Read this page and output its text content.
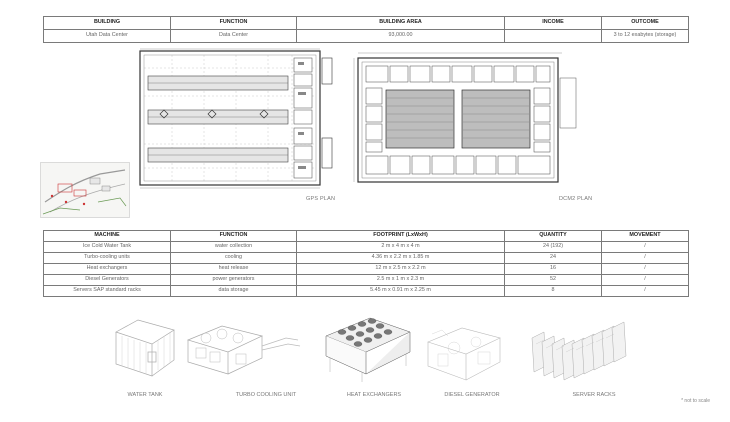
BUILDING	FUNCTION	BUILDING AREA	INCOME	OUTCOME
Utah Data Center	Data Center	93,000.00		3 to 12 exabytes (storage)
GPS PLAN	DCM2 PLAN
MACHINE	FUNCTION	FOOTPRINT (LxWxH)	QUANTITY	MOVEMENT
Ice Cold Water Tank	water collection	2 m x 4 m x 4 m	24 (192)	/
Turbo-cooling units	cooling	4.36 m x 2.2 m x 1.85 m	24	/
Heat exchangers	heat release	12 m x 2.5 m x 2.2 m	16	/
Diesel Generators	power generators	2.5 m x 1 m x 2.3 m	52	/
Servers SAP standard racks	data storage	5.45 m x 0.91 m x 2.25 m	8	/
WATER TANK	TURBO COOLING UNIT	HEAT EXCHANGERS	DIESEL GENERATOR	SERVER RACKS
* not to scale
